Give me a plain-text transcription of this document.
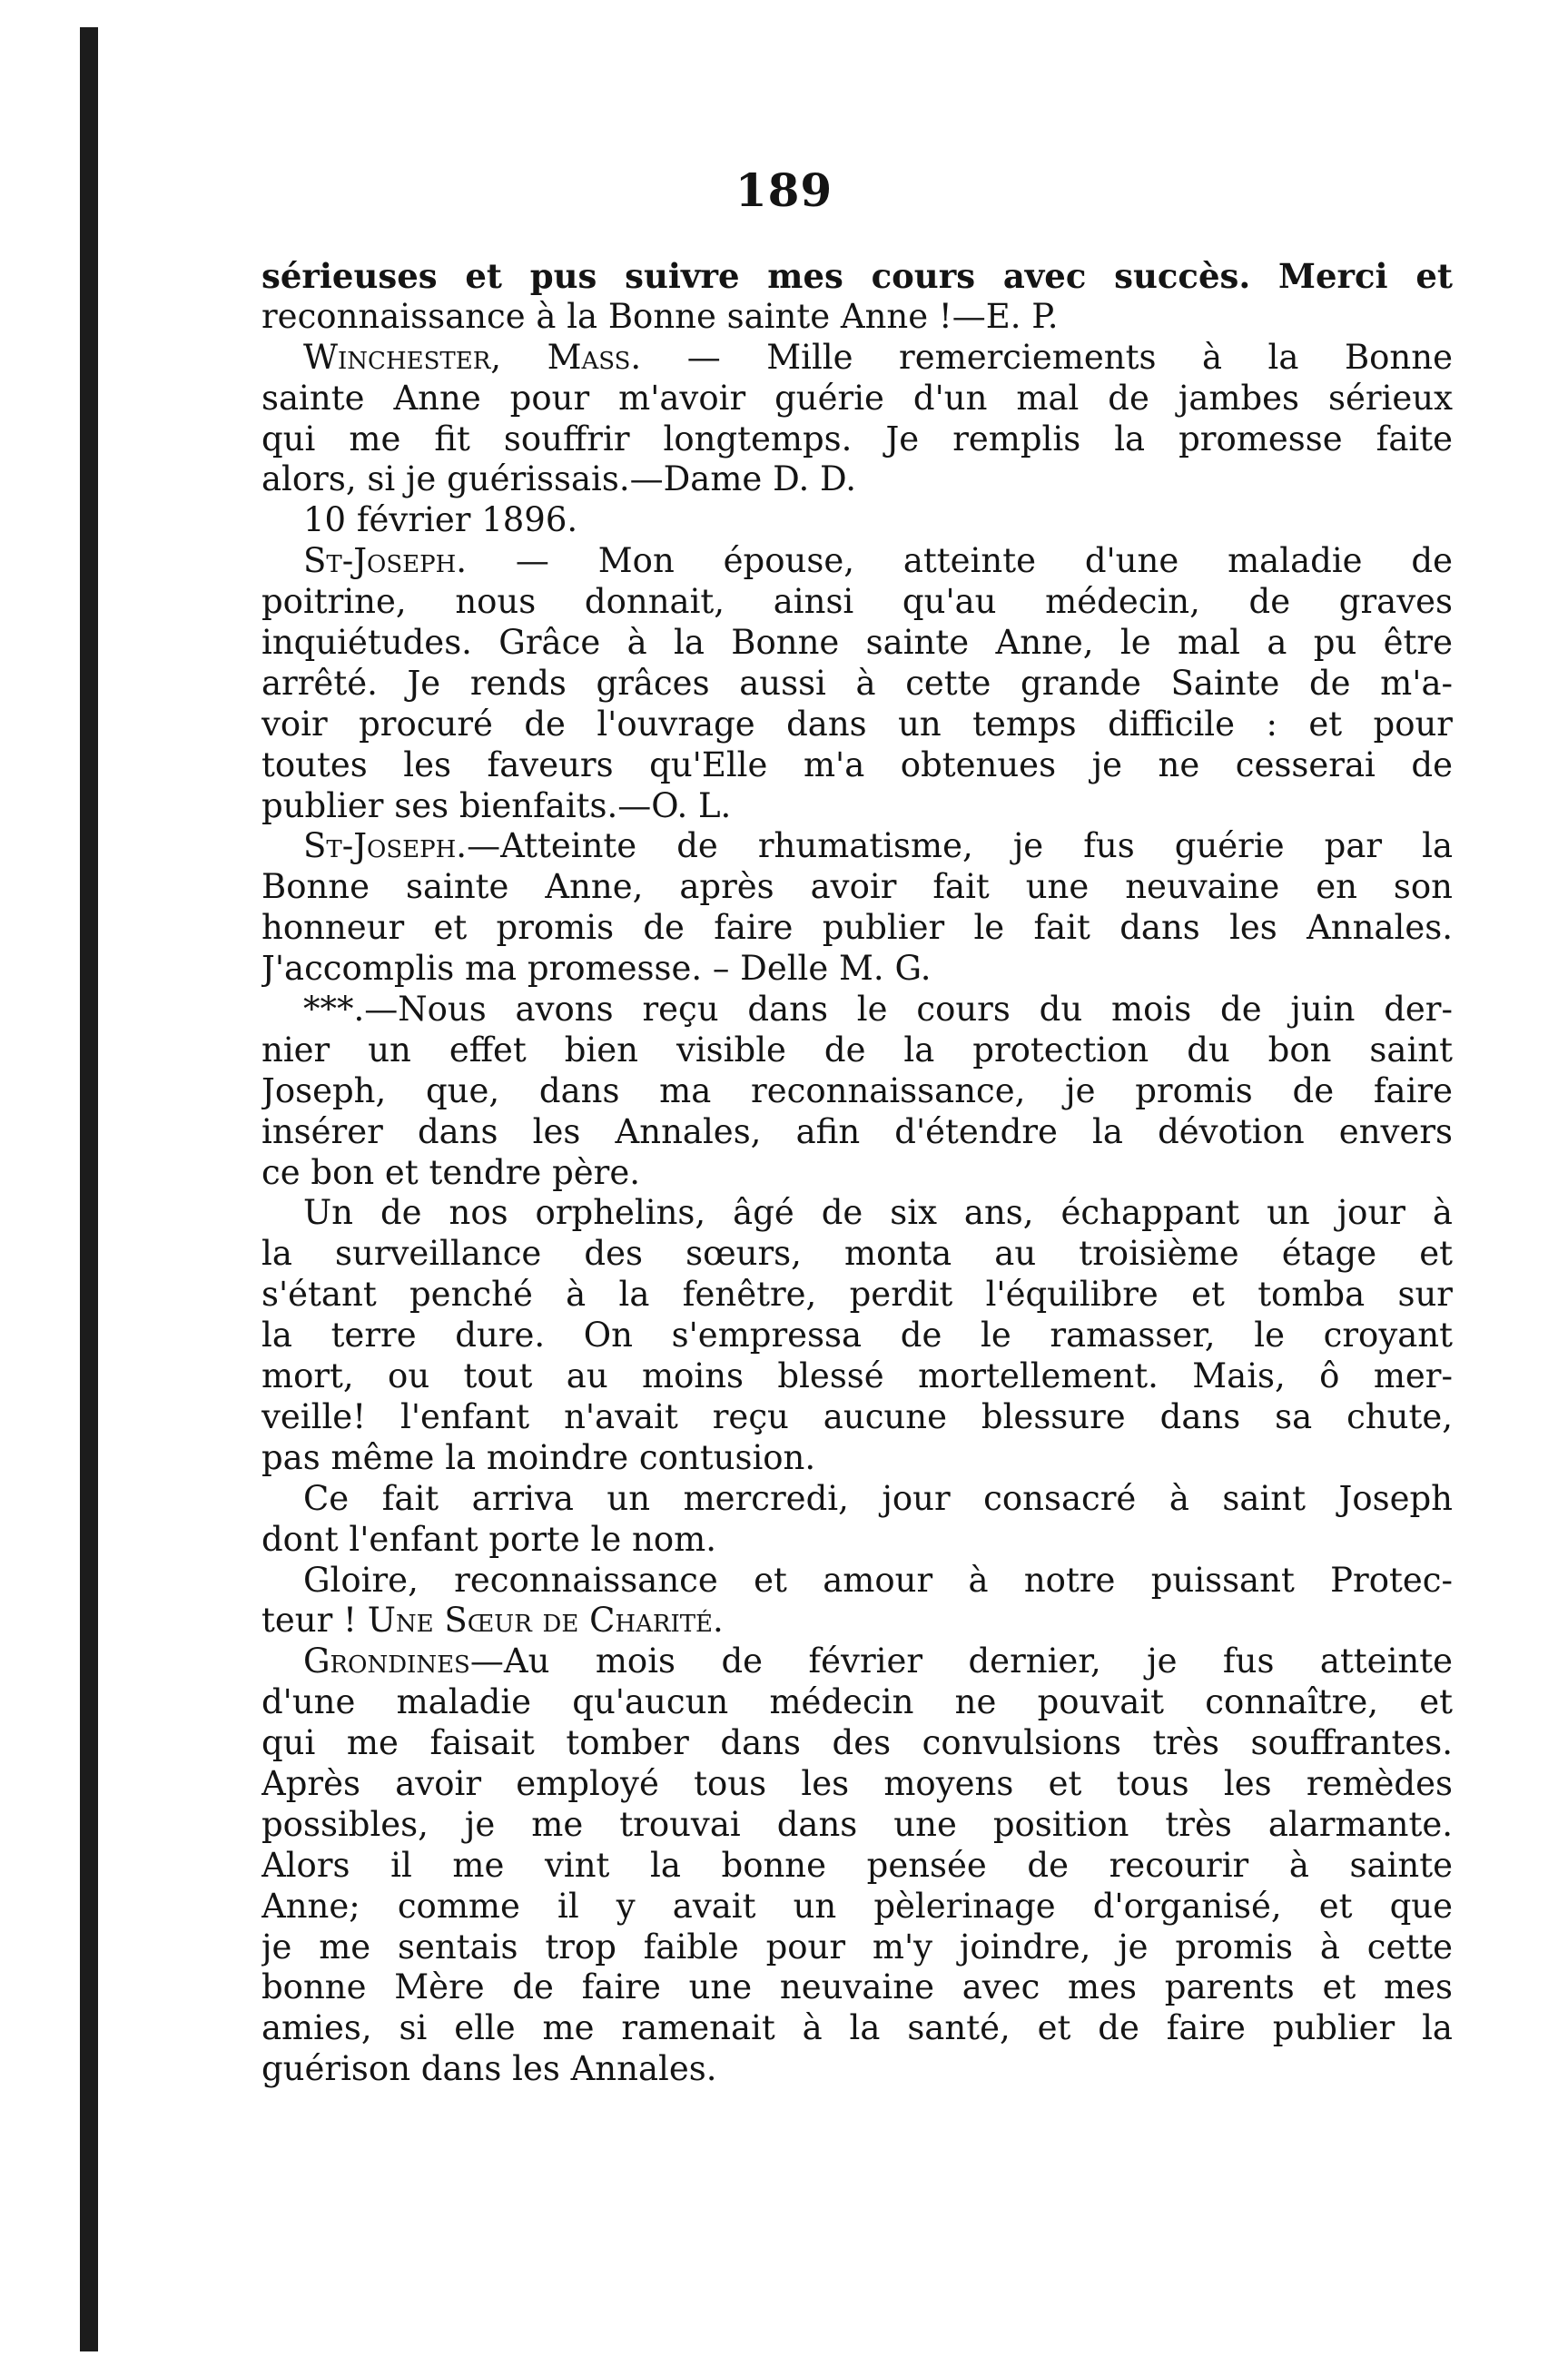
189
sérieuses et pus suivre mes cours avec succès. Merci et
reconnaissance à la Bonne sainte Anne !—E. P.
Winchester, Mass. — Mille remerciements à la Bonne
sainte Anne pour m'avoir guérie d'un mal de jambes sérieux
qui me fit souffrir longtemps. Je remplis la promesse faite
alors, si je guérissais.—Dame D. D.
10 février 1896.
St-Joseph. — Mon épouse, atteinte d'une maladie de
poitrine, nous donnait, ainsi qu'au médecin, de graves
inquiétudes. Grâce à la Bonne sainte Anne, le mal a pu être
arrêté. Je rends grâces aussi à cette grande Sainte de m'a-
voir procuré de l'ouvrage dans un temps difficile : et pour
toutes les faveurs qu'Elle m'a obtenues je ne cesserai de
publier ses bienfaits.—O. L.
St-Joseph.—Atteinte de rhumatisme, je fus guérie par la
Bonne sainte Anne, après avoir fait une neuvaine en son
honneur et promis de faire publier le fait dans les Annales.
J'accomplis ma promesse. – Delle M. G.
***.—Nous avons reçu dans le cours du mois de juin der-
nier un effet bien visible de la protection du bon saint
Joseph, que, dans ma reconnaissance, je promis de faire
insérer dans les Annales, afin d'étendre la dévotion envers
ce bon et tendre père.
Un de nos orphelins, âgé de six ans, échappant un jour à
la surveillance des sœurs, monta au troisième étage et
s'étant penché à la fenêtre, perdit l'équilibre et tomba sur
la terre dure. On s'empressa de le ramasser, le croyant
mort, ou tout au moins blessé mortellement. Mais, ô mer-
veille! l'enfant n'avait reçu aucune blessure dans sa chute,
pas même la moindre contusion.
Ce fait arriva un mercredi, jour consacré à saint Joseph
dont l'enfant porte le nom.
Gloire, reconnaissance et amour à notre puissant Protec-
teur ! Une Sœur de Charité.
Grondines—Au mois de février dernier, je fus atteinte
d'une maladie qu'aucun médecin ne pouvait connaître, et
qui me faisait tomber dans des convulsions très souffrantes.
Après avoir employé tous les moyens et tous les remèdes
possibles, je me trouvai dans une position très alarmante.
Alors il me vint la bonne pensée de recourir à sainte
Anne; comme il y avait un pèlerinage d'organisé, et que
je me sentais trop faible pour m'y joindre, je promis à cette
bonne Mère de faire une neuvaine avec mes parents et mes
amies, si elle me ramenait à la santé, et de faire publier la
guérison dans les Annales.
